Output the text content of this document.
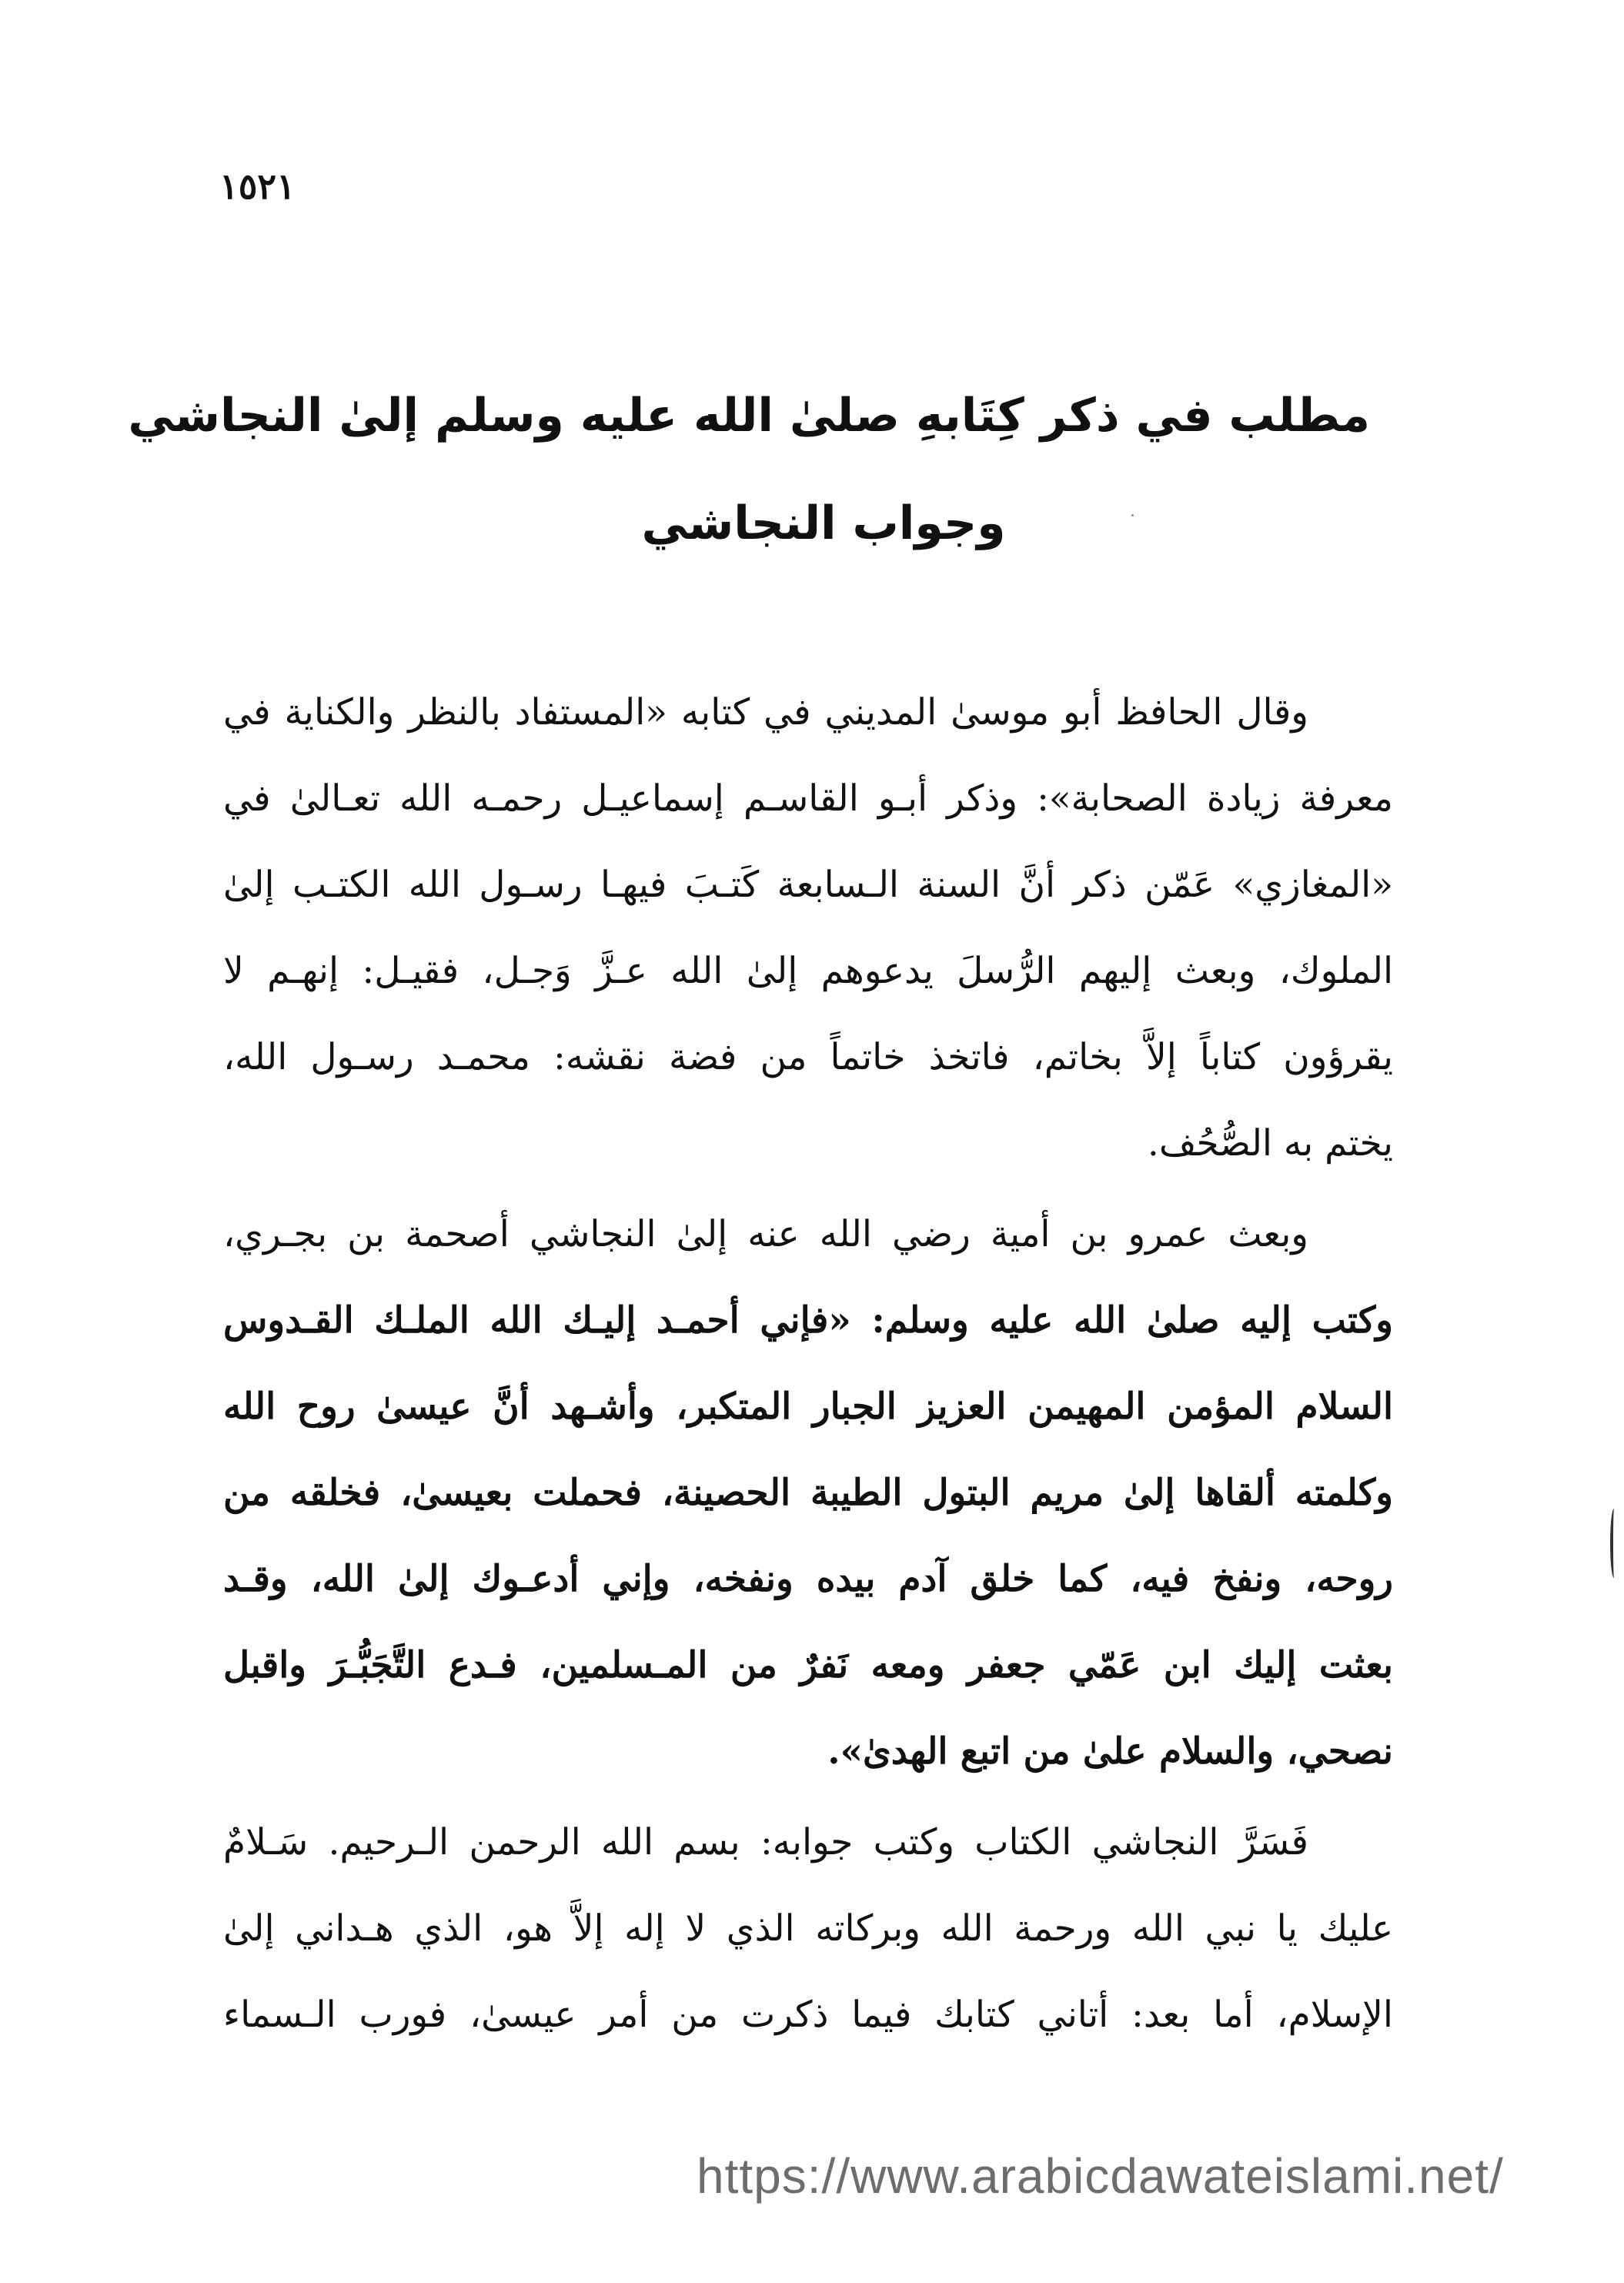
١٥٢١
مطلب في ذكر كِتَابهِ صلىٰ الله عليه وسلم إلىٰ النجاشي
وجواب النجاشي
وقال الحافظ أبو موسىٰ المديني في كتابه «المستفاد بالنظر والكناية في
معرفة زيادة الصحابة»: وذكر أبـو القاسـم إسماعيـل رحمـه الله تعـالىٰ في
«المغازي» عَمّن ذكر أنَّ السنة الـسابعة كَتـبَ فيهـا رسـول الله الكتـب إلىٰ
الملوك، وبعث إليهم الرُّسلَ يدعوهم إلىٰ الله عـزَّ وَجـل، فقيـل: إنهـم لا
يقرؤون كتاباً إلاَّ بخاتم، فاتخذ خاتماً من فضة نقشه: محمـد رسـول الله،
يختم به الصُّحُف.
وبعث عمرو بن أمية رضي الله عنه إلىٰ النجاشي أصحمة بن بجـري،
وكتب إليه صلىٰ الله عليه وسلم: «فإني أحمـد إليـك الله الملـك القـدوس
السلام المؤمن المهيمن العزيز الجبار المتكبر، وأشـهد أنَّ عيسىٰ روح الله
وكلمته ألقاها إلىٰ مريم البتول الطيبة الحصينة، فحملت بعيسىٰ، فخلقه من
روحه، ونفخ فيه، كما خلق آدم بيده ونفخه، وإني أدعـوك إلىٰ الله، وقـد
بعثت إليك ابن عَمّي جعفر ومعه نَفرٌ من المـسلمين، فـدع التَّجَبُّـرَ واقبل
نصحي، والسلام علىٰ من اتبع الهدىٰ».
فَسَرَّ النجاشي الكتاب وكتب جوابه: بسم الله الرحمن الـرحيم. سَـلامٌ
عليك يا نبي الله ورحمة الله وبركاته الذي لا إله إلاَّ هو، الذي هـداني إلىٰ
الإسلام، أما بعد: أتاني كتابك فيما ذكرت من أمر عيسىٰ، فورب الـسماء
https://www.arabicdawateislami.net/
